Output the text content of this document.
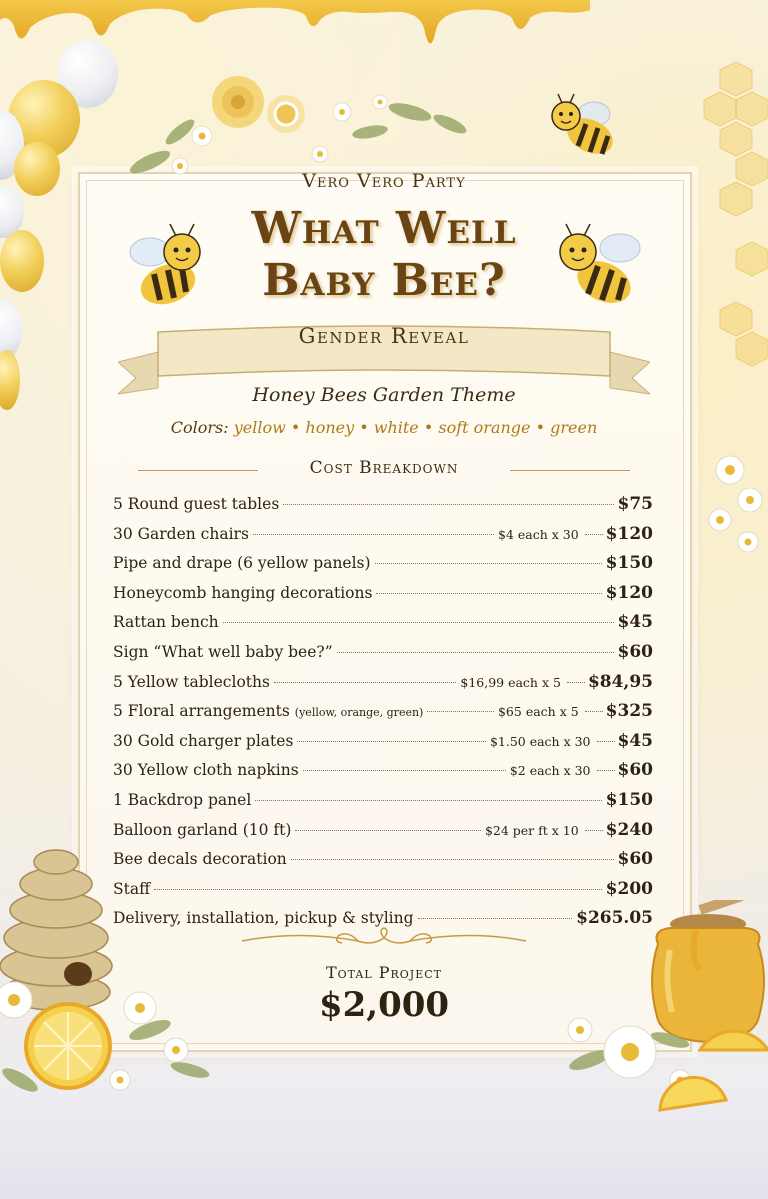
Vero Vero Party
What Well
Baby Bee?
Gender Reveal
Honey Bees Garden Theme
Colors: yellow • honey • white • soft orange • green
Cost Breakdown
5 Round guest tables	$75
30 Garden chairs	$4 each x 30 $120
Pipe and drape (6 yellow panels)	$150
Honeycomb hanging decorations	$120
Rattan bench	$45
Sign “What well baby bee?”	$60
5 Yellow tablecloths	$16,99 each x 5 $84,95
5 Floral arrangements (yellow, orange, green)	$65 each x 5 $325
30 Gold charger plates	$1.50 each x 30 $45
30 Yellow cloth napkins	$2 each x 30 $60
1 Backdrop panel	$150
Balloon garland (10 ft)	$24 per ft x 10 $240
Bee decals decoration	$60
Staff	$200
Delivery, installation, pickup & styling	$265.05
Total Project
$2,000
